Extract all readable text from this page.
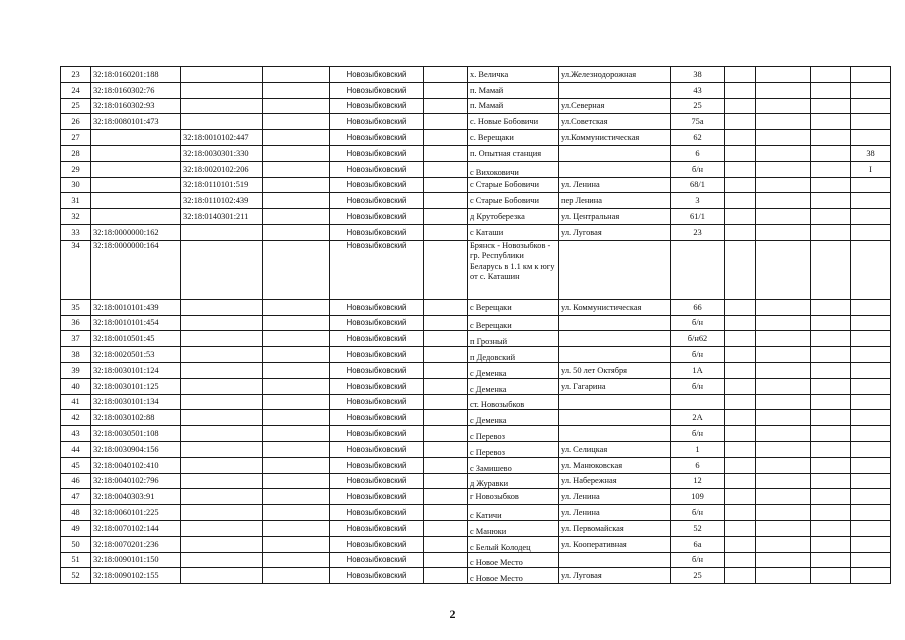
23	32:18:0160201:188			Новозыбковский		х. Величка	ул.Железнодорожная	38				
24	32:18:0160302:76			Новозыбковский		п. Мамай		43				
25	32:18:0160302:93			Новозыбковский		п. Мамай	ул.Северная	25				
26	32:18:0080101:473			Новозыбковский		с. Новые Бобовичи	ул.Советская	75а				
27		32:18:0010102:447		Новозыбковский		с. Верещаки	ул.Коммунистическая	62				
28		32:18:0030301:330		Новозыбковский		п. Опытная станция		6				38
29		32:18:0020102:206		Новозыбковский		с Вихоковичи		б/н				I
30		32:18:0110101:519		Новозыбковский		с Старые Бобовичи	ул. Ленина	68/1				
31		32:18:0110102:439		Новозыбковский		с Старые Бобовичи	пер Ленина	3				
32		32:18:0140301:211		Новозыбковский		д Крутоберезка	ул. Центральная	61/1				
33	32:18:0000000:162			Новозыбковский		с Каташи	ул. Луговая	23				
34	32:18:0000000:164			Новозыбковский		Брянск - Новозыбков - гр. Республики Беларусь в 1.1 км к югу от с. Каташин						
35	32:18:0010101:439			Новозыбковский		с Верещаки	ул. Коммунистическая	66				
36	32:18:0010101:454			Новозыбковский		с Верещаки		б/н				
37	32:18:0010501:45			Новозыбковский		п Грозный		б/н62				
38	32:18:0020501:53			Новозыбковский		п Дедовский		б/н				
39	32:18:0030101:124			Новозыбковский		с Деменка	ул. 50 лет Октября	1А				
40	32:18:0030101:125			Новозыбковский		с Деменка	ул. Гагарина	б/н				
41	32:18:0030101:134			Новозыбковский		ст. Новозыбков						
42	32:18:0030102:88			Новозыбковский		с Деменка		2А				
43	32:18:0030501:108			Новозыбковский		с Перевоз		б/н				
44	32:18:0030904:156			Новозыбковский		с Перевоз	ул. Селицкая	1				
45	32:18:0040102:410			Новозыбковский		с Замишево	ул. Манюковская	6				
46	32:18:0040102:796			Новозыбковский		д Журавки	ул. Набережная	12				
47	32:18:0040303:91			Новозыбковский		г Новозыбков	ул. Ленина	109				
48	32:18:0060101:225			Новозыбковский		с Катичи	ул. Ленина	б/н				
49	32:18:0070102:144			Новозыбковский		с Манюки	ул. Первомайская	52				
50	32:18:0070201:236			Новозыбковский		с Белый Колодец	ул. Кооперативная	6а				
51	32:18:0090101:150			Новозыбковский		с Новое Место		б/н				
52	32:18:0090102:155			Новозыбковский		с Новое Место	ул. Луговая	25				
2
